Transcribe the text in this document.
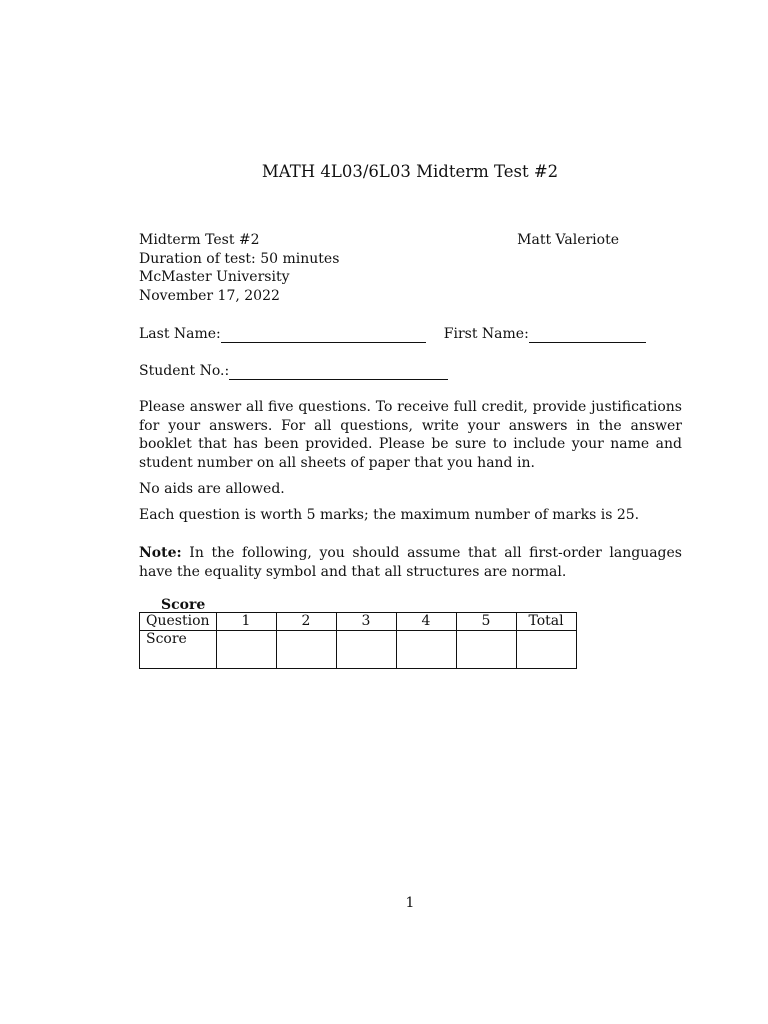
MATH 4L03/6L03 Midterm Test #2
Midterm Test #2
Duration of test: 50 minutes
McMaster University
November 17, 2022
Matt Valeriote
Last Name:	First Name:
Student No.:

Please answer all five questions. To receive full credit, provide justifications for your answers. For all questions, write your answers in the answer booklet that has been provided. Please be sure to include your name and student number on all sheets of paper that you hand in.

No aids are allowed.

Each question is worth 5 marks; the maximum number of marks is 25.

Note: In the following, you should assume that all first-order languages have the equality symbol and that all structures are normal.

Score
Question	1	2	3	4	5	Total
Score						
1
